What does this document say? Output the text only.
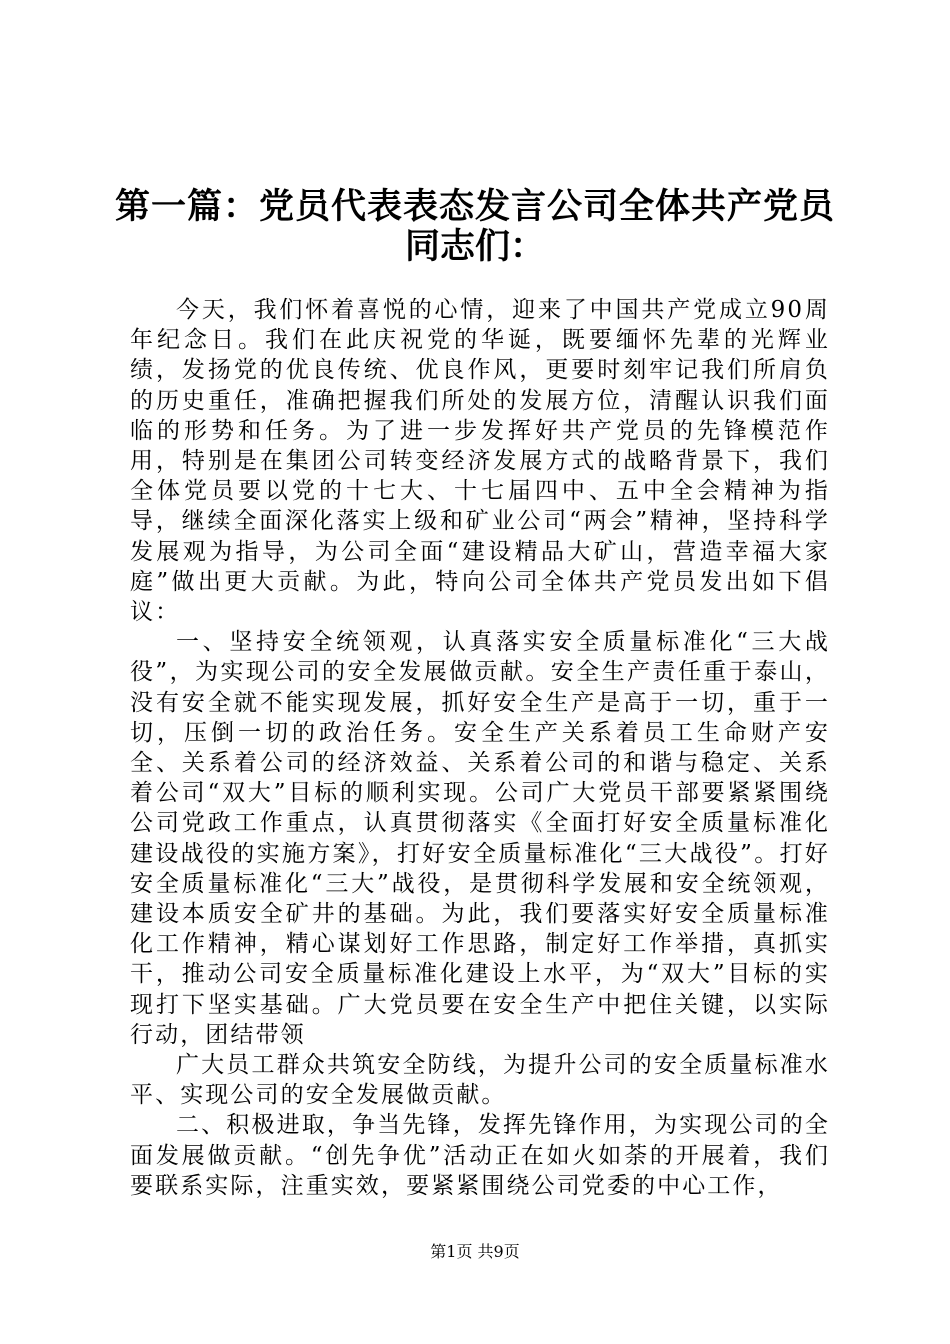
第一篇：党员代表表态发言公司全体共产党员
同志们：

今天，我们怀着喜悦的心情，迎来了中国共产党成立90周年纪念日。我们在此庆祝党的华诞，既要缅怀先辈的光辉业绩，发扬党的优良传统、优良作风，更要时刻牢记我们所肩负的历史重任，准确把握我们所处的发展方位，清醒认识我们面临的形势和任务。为了进一步发挥好共产党员的先锋模范作用，特别是在集团公司转变经济发展方式的战略背景下，我们全体党员要以党的十七大、十七届四中、五中全会精神为指导，继续全面深化落实上级和矿业公司“两会”精神，坚持科学发展观为指导，为公司全面“建设精品大矿山，营造幸福大家庭”做出更大贡献。为此，特向公司全体共产党员发出如下倡议：

一、坚持安全统领观，认真落实安全质量标准化“三大战役”，为实现公司的安全发展做贡献。安全生产责任重于泰山，没有安全就不能实现发展，抓好安全生产是高于一切，重于一切，压倒一切的政治任务。安全生产关系着员工生命财产安全、关系着公司的经济效益、关系着公司的和谐与稳定、关系着公司“双大”目标的顺利实现。公司广大党员干部要紧紧围绕公司党政工作重点，认真贯彻落实《全面打好安全质量标准化建设战役的实施方案》，打好安全质量标准化“三大战役”。打好安全质量标准化“三大”战役，是贯彻科学发展和安全统领观，建设本质安全矿井的基础。为此，我们要落实好安全质量标准化工作精神，精心谋划好工作思路，制定好工作举措，真抓实干，推动公司安全质量标准化建设上水平，为“双大”目标的实现打下坚实基础。广大党员要在安全生产中把住关键，以实际行动，团结带领

广大员工群众共筑安全防线，为提升公司的安全质量标准水平、实现公司的安全发展做贡献。

二、积极进取，争当先锋，发挥先锋作用，为实现公司的全面发展做贡献。“创先争优”活动正在如火如荼的开展着，我们要联系实际，注重实效，要紧紧围绕公司党委的中心工作，

第1页 共9页
